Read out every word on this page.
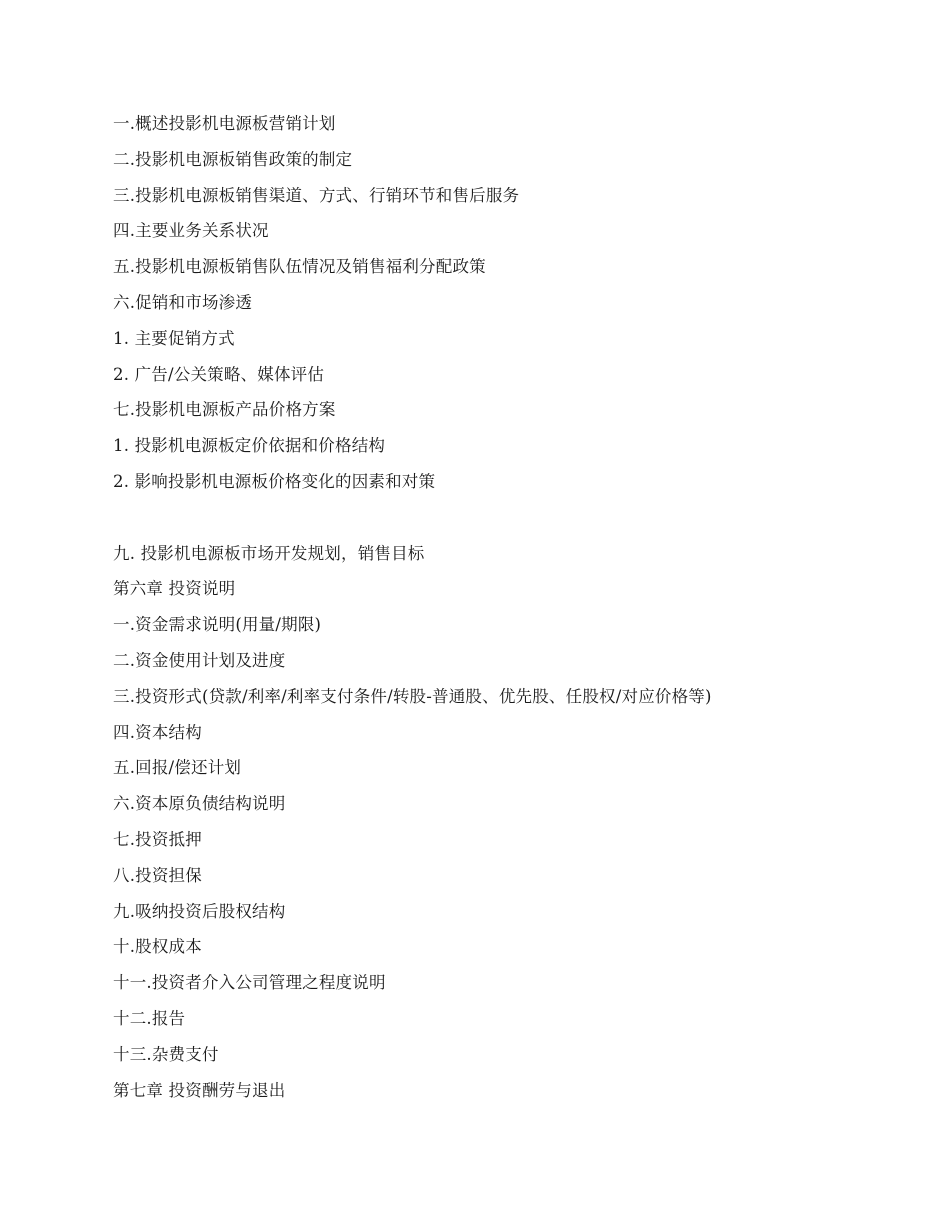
一.概述投影机电源板营销计划
二.投影机电源板销售政策的制定
三.投影机电源板销售渠道、方式、行销环节和售后服务
四.主要业务关系状况
五.投影机电源板销售队伍情况及销售福利分配政策
六.促销和市场渗透
1. 主要促销方式
2. 广告/公关策略、媒体评估
七.投影机电源板产品价格方案
1. 投影机电源板定价依据和价格结构
2. 影响投影机电源板价格变化的因素和对策
九. 投影机电源板市场开发规划，销售目标
第六章 投资说明
一.资金需求说明(用量/期限)
二.资金使用计划及进度
三.投资形式(贷款/利率/利率支付条件/转股-普通股、优先股、任股权/对应价格等)
四.资本结构
五.回报/偿还计划
六.资本原负债结构说明
七.投资抵押
八.投资担保
九.吸纳投资后股权结构
十.股权成本
十一.投资者介入公司管理之程度说明
十二.报告
十三.杂费支付
第七章 投资酬劳与退出
